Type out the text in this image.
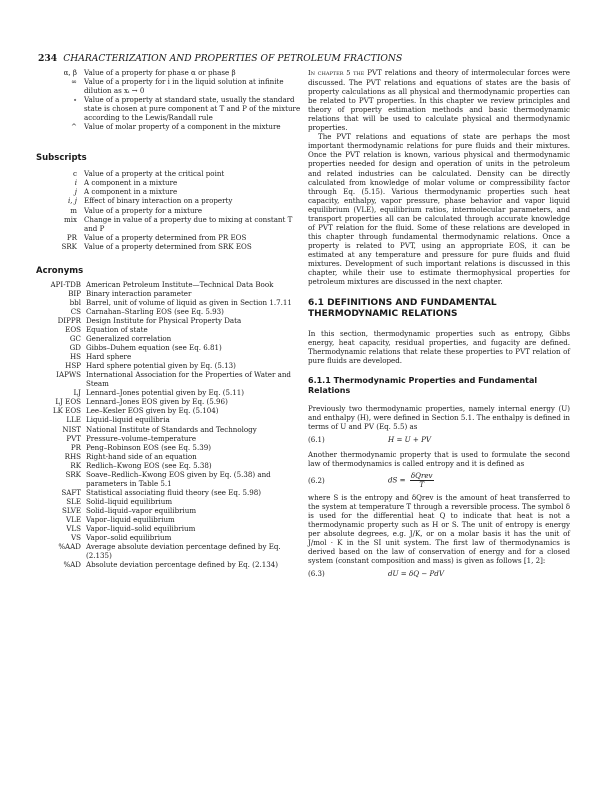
234 CHARACTERIZATION AND PROPERTIES OF PETROLEUM FRACTIONS
α, β Value of a property for phase α or phase β
∞ Value of a property for i in the liquid solution at infinite dilution as xᵢ → 0
∘ Value of a property at standard state, usually the standard state is chosen at pure component at T and P of the mixture according to the Lewis/Randall rule
^ Value of molar property of a component in the mixture
Subscripts
c Value of a property at the critical point
i A component in a mixture
j A component in a mixture
i, j Effect of binary interaction on a property
m Value of a property for a mixture
mix Change in value of a property due to mixing at constant T and P
PR Value of a property determined from PR EOS
SRK Value of a property determined from SRK EOS
Acronyms
API-TDB American Petroleum Institute—Technical Data Book
BIP Binary interaction parameter
bbl Barrel, unit of volume of liquid as given in Section 1.7.11
CS Carnahan–Starling EOS (see Eq. 5.93)
DIPPR Design Institute for Physical Property Data
EOS Equation of state
GC Generalized correlation
GD Gibbs–Duhem equation (see Eq. 6.81)
HS Hard sphere
HSP Hard sphere potential given by Eq. (5.13)
IAPWS International Association for the Properties of Water and Steam
LJ Lennard–Jones potential given by Eq. (5.11)
LJ EOS Lennard–Jones EOS given by Eq. (5.96)
LK EOS Lee–Kesler EOS given by Eq. (5.104)
LLE Liquid–liquid equilibria
NIST National Institute of Standards and Technology
PVT Pressure–volume–temperature
PR Peng–Robinson EOS (see Eq. 5.39)
RHS Right-hand side of an equation
RK Redlich–Kwong EOS (see Eq. 5.38)
SRK Soave–Redlich–Kwong EOS given by Eq. (5.38) and parameters in Table 5.1
SAFT Statistical associating fluid theory (see Eq. 5.98)
SLE Solid–liquid equilibrium
SLVE Solid–liquid–vapor equilibrium
VLE Vapor–liquid equilibrium
VLS Vapor–liquid–solid equilibrium
VS Vapor–solid equilibrium
%AAD Average absolute deviation percentage defined by Eq. (2.135)
%AD Absolute deviation percentage defined by Eq. (2.134)

In chapter 5 the PVT relations and theory of intermolecular forces were discussed. The PVT relations and equations of states are the basis of property calculations as all physical and thermodynamic properties can be related to PVT properties. In this chapter we review principles and theory of property estimation methods and basic thermodynamic relations that will be used to calculate physical and thermodynamic properties.

The PVT relations and equations of state are perhaps the most important thermodynamic relations for pure fluids and their mixtures. Once the PVT relation is known, various physical and thermodynamic properties needed for design and operation of units in the petroleum and related industries can be calculated. Density can be directly calculated from knowledge of molar volume or compressibility factor through Eq. (5.15). Various thermodynamic properties such heat capacity, enthalpy, vapor pressure, phase behavior and vapor liquid equilibrium (VLE), equilibrium ratios, intermolecular parameters, and transport properties all can be calculated through accurate knowledge of PVT relation for the fluid. Some of these relations are developed in this chapter through fundamental thermodynamic relations. Once a property is related to PVT, using an appropriate EOS, it can be estimated at any temperature and pressure for pure fluids and fluid mixtures. Development of such important relations is discussed in this chapter, while their use to estimate thermophysical properties for petroleum mixtures are discussed in the next chapter.

6.1 DEFINITIONS AND FUNDAMENTAL THERMODYNAMIC RELATIONS

In this section, thermodynamic properties such as entropy, Gibbs energy, heat capacity, residual properties, and fugacity are defined. Thermodynamic relations that relate these properties to PVT relation of pure fluids are developed.

6.1.1 Thermodynamic Properties and Fundamental Relations

Previously two thermodynamic properties, namely internal energy (U) and enthalpy (H), were defined in Section 5.1. The enthalpy is defined in terms of U and PV (Eq. 5.5) as

(6.1)	H = U + PV

Another thermodynamic property that is used to formulate the second law of thermodynamics is called entropy and it is defined as

(6.2)	dS = $\frac{\text{δQrev}}{T}$

where S is the entropy and δQrev is the amount of heat transferred to the system at temperature T through a reversible process. The symbol δ is used for the differential heat Q to indicate that heat is not a thermodynamic property such as H or S. The unit of entropy is energy per absolute degrees, e.g. J/K, or on a molar basis it has the unit of J/mol · K in the SI unit system. The first law of thermodynamics is derived based on the law of conservation of energy and for a closed system (constant composition and mass) is given as follows [1, 2]:

(6.3)	dU = δQ − PdV
